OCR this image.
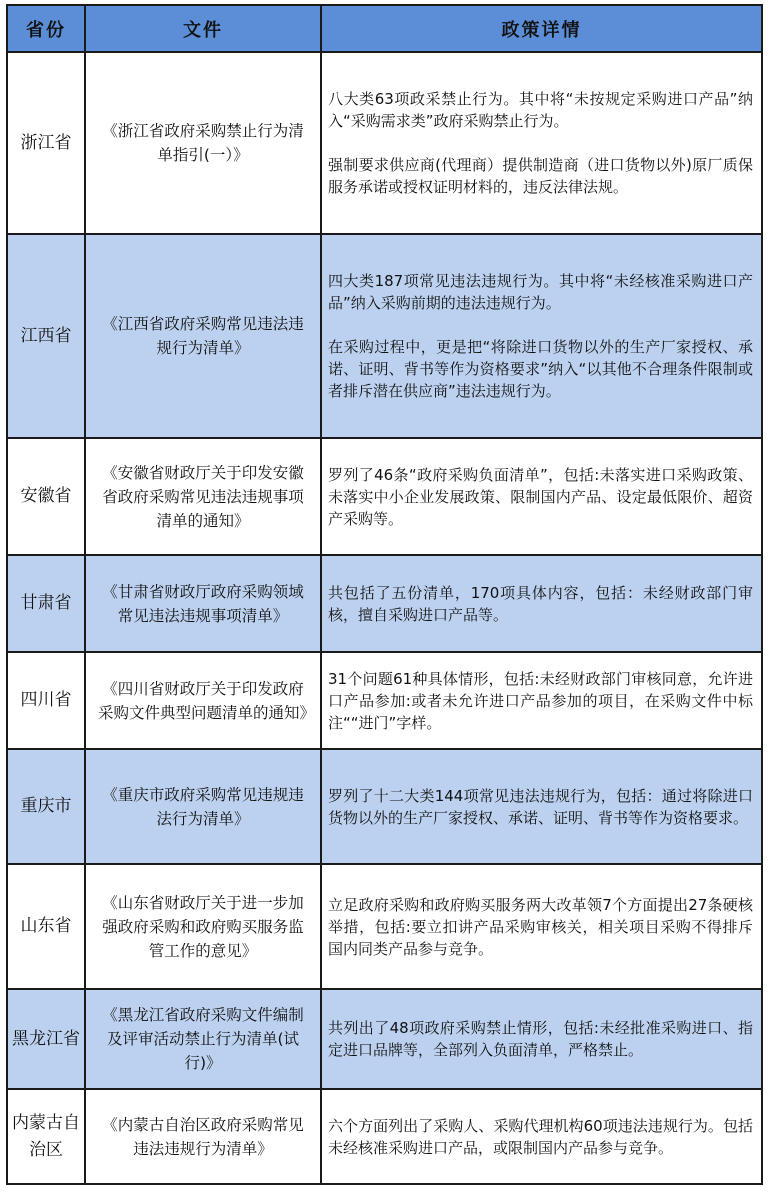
省份	文件	政策详情
浙江省	《浙江省政府采购禁止行为清单指引(一）》	八大类63项政采禁止行为。其中将“未按规定采购进口产品”纳入“采购需求类”政府采购禁止行为。

强制要求供应商(代理商）提供制造商（进口货物以外)原厂质保服务承诺或授权证明材料的，违反法律法规。

江西省	《江西省政府采购常见违法违规行为清单》	四大类187项常见违法违规行为。其中将“未经核准采购进口产品”纳入采购前期的违法违规行为。

在采购过程中，更是把“将除进口货物以外的生产厂家授权、承诺、证明、背书等作为资格要求”纳入“以其他不合理条件限制或者排斥潜在供应商”违法违规行为。

安徽省	《安徽省财政厅关于印发安徽省政府采购常见违法违规事项清单的通知》	罗列了46条“政府采购负面清单”，包括:未落实进口采购政策、未落实中小企业发展政策、限制国内产品、设定最低限价、超资产采购等。

甘肃省	《甘肃省财政厅政府采购领域常见违法违规事项清单》	共包括了五份清单，170项具体内容，包括：未经财政部门审核，擅自采购进口产品等。

四川省	《四川省财政厅关于印发政府采购文件典型问题清单的通知》	31个问题61种具体情形，包括:未经财政部门审核同意，允许进口产品参加:或者未允许进口产品参加的项目，在采购文件中标注““进门”字样。

重庆市	《重庆市政府采购常见违规违法行为清单》	罗列了十二大类144项常见违法违规行为，包括：通过将除进口货物以外的生产厂家授权、承诺、证明、背书等作为资格要求。

山东省	《山东省财政厅关于进一步加强政府采购和政府购买服务监管工作的意见》	立足政府采购和政府购买服务两大改革领7个方面提出27条硬核举措，包括:要立扣讲产品采购审核关，相关项目采购不得排斥国内同类产品参与竞争。

黑龙江省	《黑龙江省政府采购文件编制及评审活动禁止行为清单(试行)》	共列出了48项政府采购禁止情形，包括:未经批准采购进口、指定进口品牌等，全部列入负面清单，严格禁止。

内蒙古自治区	《内蒙古自治区政府采购常见违法违规行为清单》	六个方面列出了采购人、采购代理机构60项违法违规行为。包括未经核准采购进口产品，或限制国内产品参与竞争。
